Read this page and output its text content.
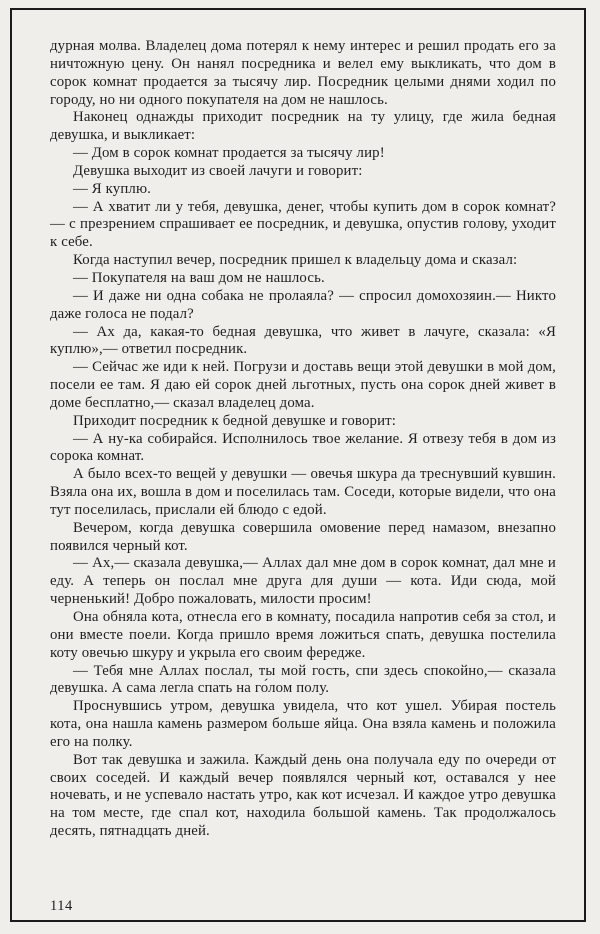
дурная молва. Владелец дома потерял к нему интерес и решил продать его за ничтожную цену. Он нанял посредника и велел ему выкликать, что дом в сорок комнат продается за тысячу лир. Посредник целыми днями ходил по городу, но ни одного покупателя на дом не нашлось.

Наконец однажды приходит посредник на ту улицу, где жила бедная девушка, и выкликает:

— Дом в сорок комнат продается за тысячу лир!

Девушка выходит из своей лачуги и говорит:

— Я куплю.

— А хватит ли у тебя, девушка, денег, чтобы купить дом в сорок комнат? — с презрением спрашивает ее посредник, и девушка, опустив голову, уходит к себе.

Когда наступил вечер, посредник пришел к владельцу дома и сказал:

— Покупателя на ваш дом не нашлось.

— И даже ни одна собака не пролаяла? — спросил домохозяин.— Никто даже голоса не подал?

— Ах да, какая-то бедная девушка, что живет в лачуге, сказала: «Я куплю»,— ответил посредник.

— Сейчас же иди к ней. Погрузи и доставь вещи этой девушки в мой дом, посели ее там. Я даю ей сорок дней льготных, пусть она сорок дней живет в доме бесплатно,— сказал владелец дома.

Приходит посредник к бедной девушке и говорит:

— А ну-ка собирайся. Исполнилось твое желание. Я отвезу тебя в дом из сорока комнат.

А было всех-то вещей у девушки — овечья шкура да треснувший кувшин. Взяла она их, вошла в дом и поселилась там. Соседи, которые видели, что она тут поселилась, прислали ей блюдо с едой.

Вечером, когда девушка совершила омовение перед намазом, внезапно появился черный кот.

— Ах,— сказала девушка,— Аллах дал мне дом в сорок комнат, дал мне и еду. А теперь он послал мне друга для души — кота. Иди сюда, мой черненький! Добро пожаловать, милости просим!

Она обняла кота, отнесла его в комнату, посадила напротив себя за стол, и они вместе поели. Когда пришло время ложиться спать, девушка постелила коту овечью шкуру и укрыла его своим фередже.

— Тебя мне Аллах послал, ты мой гость, спи здесь спокойно,— сказала девушка. А сама легла спать на го́лом полу.

Проснувшись утром, девушка увидела, что кот ушел. Убирая постель кота, она нашла камень размером больше яйца. Она взяла камень и положила его на полку.

Вот так девушка и зажила. Каждый день она получала еду по очереди от своих соседей. И каждый вечер появлялся черный кот, оставался у нее ночевать, и не успевало настать утро, как кот исчезал. И каждое утро девушка на том месте, где спал кот, находила большой камень. Так продолжалось десять, пятнадцать дней.

114
